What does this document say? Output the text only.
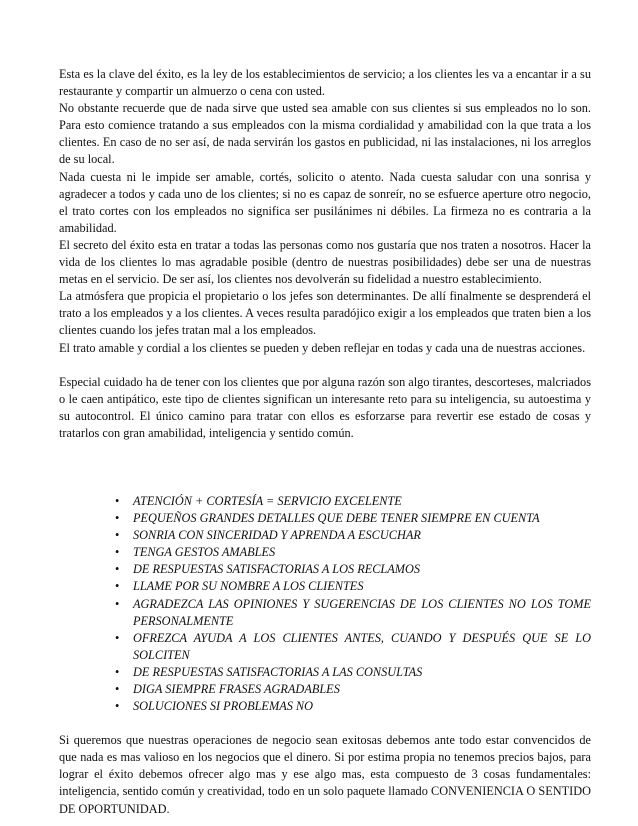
Esta es la clave del éxito, es la ley de los establecimientos de servicio; a los clientes les va a encantar ir a su restaurante y compartir un almuerzo o cena con usted.

No obstante recuerde que de nada sirve que usted sea amable con sus clientes si sus empleados no lo son. Para esto comience tratando a sus empleados con la misma cordialidad y amabilidad con la que trata a los clientes. En caso de no ser así, de nada servirán los gastos en publicidad, ni las instalaciones, ni los arreglos de su local.

Nada cuesta ni le impide ser amable, cortés, solicito o atento. Nada cuesta saludar con una sonrisa y agradecer a todos y cada uno de los clientes; si no es capaz de sonreír, no se esfuerce aperture otro negocio, el trato cortes con los empleados no significa ser pusilánimes ni débiles. La firmeza no es contraria a la amabilidad.

El secreto del éxito esta en tratar a todas las personas como nos gustaría que nos traten a nosotros. Hacer la vida de los clientes lo mas agradable posible (dentro de nuestras posibilidades) debe ser una de nuestras metas en el servicio. De ser así, los clientes nos devolverán su fidelidad a nuestro establecimiento.

La atmósfera que propicia el propietario o los jefes son determinantes. De allí finalmente se desprenderá el trato a los empleados y a los clientes. A veces resulta paradójico exigir a los empleados que traten bien a los clientes cuando los jefes tratan mal a los empleados.

El trato amable y cordial a los clientes se pueden y deben reflejar en todas y cada una de nuestras acciones.

Especial cuidado ha de tener con los clientes que por alguna razón son algo tirantes, descorteses, malcriados o le caen antipático, este tipo de clientes significan un interesante reto para su inteligencia, su autoestima y su autocontrol. El único camino para tratar con ellos es esforzarse para revertir ese estado de cosas y tratarlos con gran amabilidad, inteligencia y sentido común.

• ATENCIÓN + CORTESÍA = SERVICIO EXCELENTE
• PEQUEÑOS GRANDES DETALLES QUE DEBE TENER SIEMPRE EN CUENTA
• SONRIA CON SINCERIDAD Y APRENDA A ESCUCHAR
• TENGA GESTOS AMABLES
• DE RESPUESTAS SATISFACTORIAS A LOS RECLAMOS
• LLAME POR SU NOMBRE A LOS CLIENTES
• AGRADEZCA LAS OPINIONES Y SUGERENCIAS DE LOS CLIENTES NO LOS TOME PERSONALMENTE
• OFREZCA AYUDA A LOS CLIENTES ANTES, CUANDO Y DESPUÉS QUE SE LO SOLCITEN
• DE RESPUESTAS SATISFACTORIAS A LAS CONSULTAS
• DIGA SIEMPRE FRASES AGRADABLES
• SOLUCIONES SI PROBLEMAS NO

Si queremos que nuestras operaciones de negocio sean exitosas debemos ante todo estar convencidos de que nada es mas valioso en los negocios que el dinero. Si por estima propia no tenemos precios bajos, para lograr el éxito debemos ofrecer algo mas y ese algo mas, esta compuesto de 3 cosas fundamentales: inteligencia, sentido común y creatividad, todo en un solo paquete llamado CONVENIENCIA O SENTIDO DE OPORTUNIDAD.
